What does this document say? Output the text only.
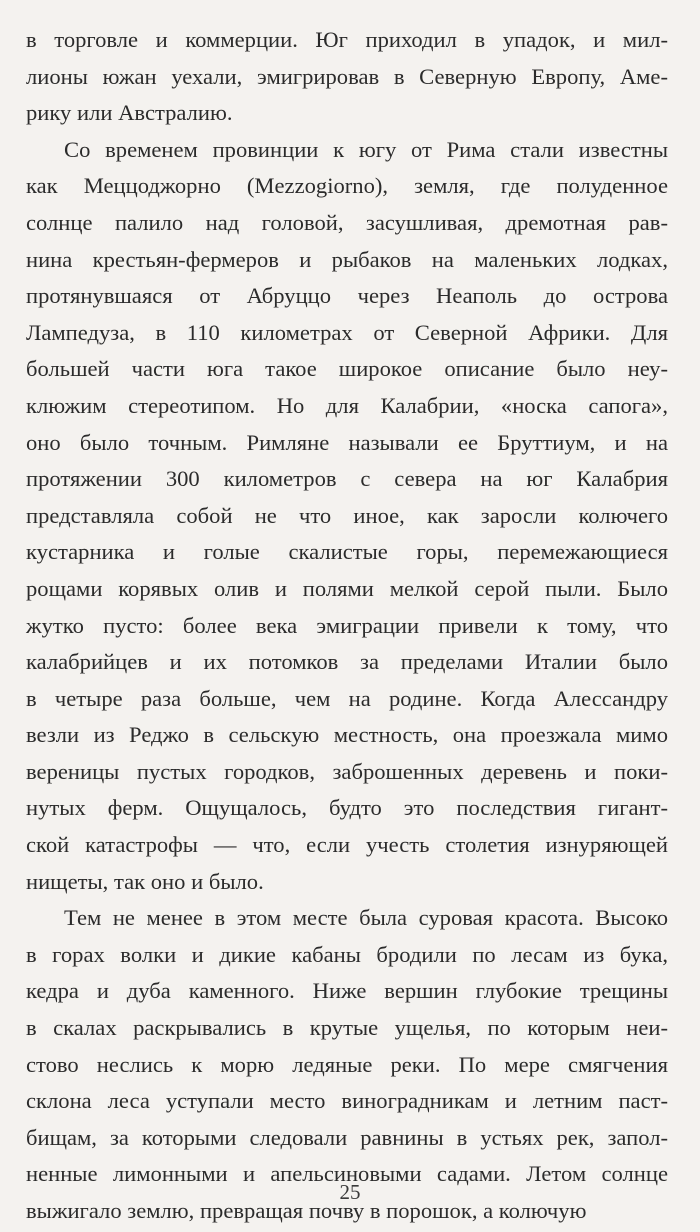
в торговле и коммерции. Юг приходил в упадок, и мил-
лионы южан уехали, эмигрировав в Северную Европу, Аме-
рику или Австралию.
Со временем провинции к югу от Рима стали известны
как Меццоджорно (Mezzogiorno), земля, где полуденное
солнце палило над головой, засушливая, дремотная рав-
нина крестьян-фермеров и рыбаков на маленьких лодках,
протянувшаяся от Абруццо через Неаполь до острова
Лампедуза, в 110 километрах от Северной Африки. Для
большей части юга такое широкое описание было неу-
клюжим стереотипом. Но для Калабрии, «носка сапога»,
оно было точным. Римляне называли ее Бруттиум, и на
протяжении 300 километров с севера на юг Калабрия
представляла собой не что иное, как заросли колючего
кустарника и голые скалистые горы, перемежающиеся
рощами корявых олив и полями мелкой серой пыли. Было
жутко пусто: более века эмиграции привели к тому, что
калабрийцев и их потомков за пределами Италии было
в четыре раза больше, чем на родине. Когда Алессандру
везли из Реджо в сельскую местность, она проезжала мимо
вереницы пустых городков, заброшенных деревень и поки-
нутых ферм. Ощущалось, будто это последствия гигант-
ской катастрофы — что, если учесть столетия изнуряющей
нищеты, так оно и было.
Тем не менее в этом месте была суровая красота. Высоко
в горах волки и дикие кабаны бродили по лесам из бука,
кедра и дуба каменного. Ниже вершин глубокие трещины
в скалах раскрывались в крутые ущелья, по которым неи-
стово неслись к морю ледяные реки. По мере смягчения
склона леса уступали место виноградникам и летним паст-
бищам, за которыми следовали равнины в устьях рек, запол-
ненные лимонными и апельсиновыми садами. Летом солнце
выжигало землю, превращая почву в порошок, а колючую
25
